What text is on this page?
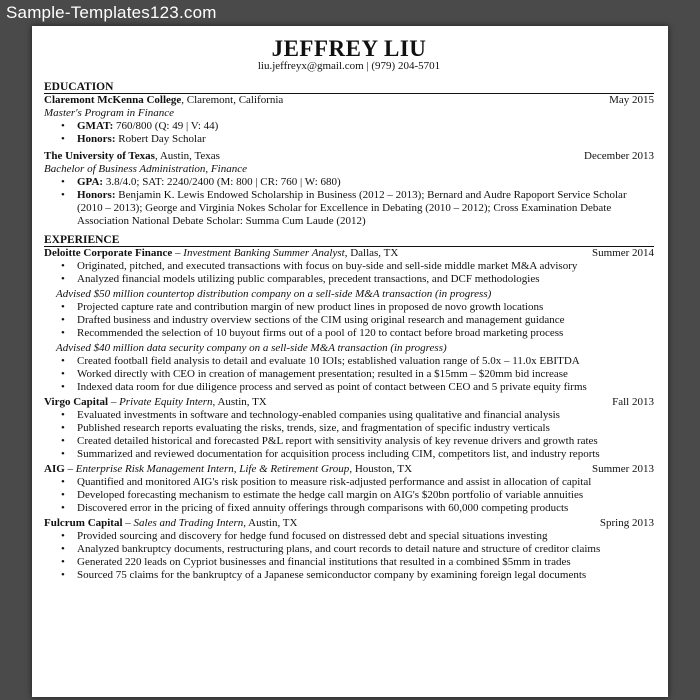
Sample-Templates123.com
JEFFREY LIU
liu.jeffreyx@gmail.com | (979) 204-5701
EDUCATION
Claremont McKenna College, Claremont, California	May 2015
Master's Program in Finance
• GMAT: 760/800 (Q: 49 | V: 44)
• Honors: Robert Day Scholar
The University of Texas, Austin, Texas	December 2013
Bachelor of Business Administration, Finance
• GPA: 3.8/4.0; SAT: 2240/2400 (M: 800 | CR: 760 | W: 680)
• Honors: Benjamin K. Lewis Endowed Scholarship in Business (2012 – 2013); Bernard and Audre Rapoport Service Scholar (2010 – 2013); George and Virginia Nokes Scholar for Excellence in Debating (2010 – 2012); Cross Examination Debate Association National Debate Scholar: Summa Cum Laude (2012)
EXPERIENCE
Deloitte Corporate Finance – Investment Banking Summer Analyst, Dallas, TX	Summer 2014
• Originated, pitched, and executed transactions with focus on buy-side and sell-side middle market M&A advisory
• Analyzed financial models utilizing public comparables, precedent transactions, and DCF methodologies
Advised $50 million countertop distribution company on a sell-side M&A transaction (in progress)
• Projected capture rate and contribution margin of new product lines in proposed de novo growth locations
• Drafted business and industry overview sections of the CIM using original research and management guidance
• Recommended the selection of 10 buyout firms out of a pool of 120 to contact before broad marketing process
Advised $40 million data security company on a sell-side M&A transaction (in progress)
• Created football field analysis to detail and evaluate 10 IOIs; established valuation range of 5.0x – 11.0x EBITDA
• Worked directly with CEO in creation of management presentation; resulted in a $15mm – $20mm bid increase
• Indexed data room for due diligence process and served as point of contact between CEO and 5 private equity firms
Virgo Capital – Private Equity Intern, Austin, TX	Fall 2013
• Evaluated investments in software and technology-enabled companies using qualitative and financial analysis
• Published research reports evaluating the risks, trends, size, and fragmentation of specific industry verticals
• Created detailed historical and forecasted P&L report with sensitivity analysis of key revenue drivers and growth rates
• Summarized and reviewed documentation for acquisition process including CIM, competitors list, and industry reports
AIG – Enterprise Risk Management Intern, Life & Retirement Group, Houston, TX	Summer 2013
• Quantified and monitored AIG's risk position to measure risk-adjusted performance and assist in allocation of capital
• Developed forecasting mechanism to estimate the hedge call margin on AIG's $20bn portfolio of variable annuities
• Discovered error in the pricing of fixed annuity offerings through comparisons with 60,000 competing products
Fulcrum Capital – Sales and Trading Intern, Austin, TX	Spring 2013
• Provided sourcing and discovery for hedge fund focused on distressed debt and special situations investing
• Analyzed bankruptcy documents, restructuring plans, and court records to detail nature and structure of creditor claims
• Generated 220 leads on Cypriot businesses and financial institutions that resulted in a combined $5mm in trades
• Sourced 75 claims for the bankruptcy of a Japanese semiconductor company by examining foreign legal documents
